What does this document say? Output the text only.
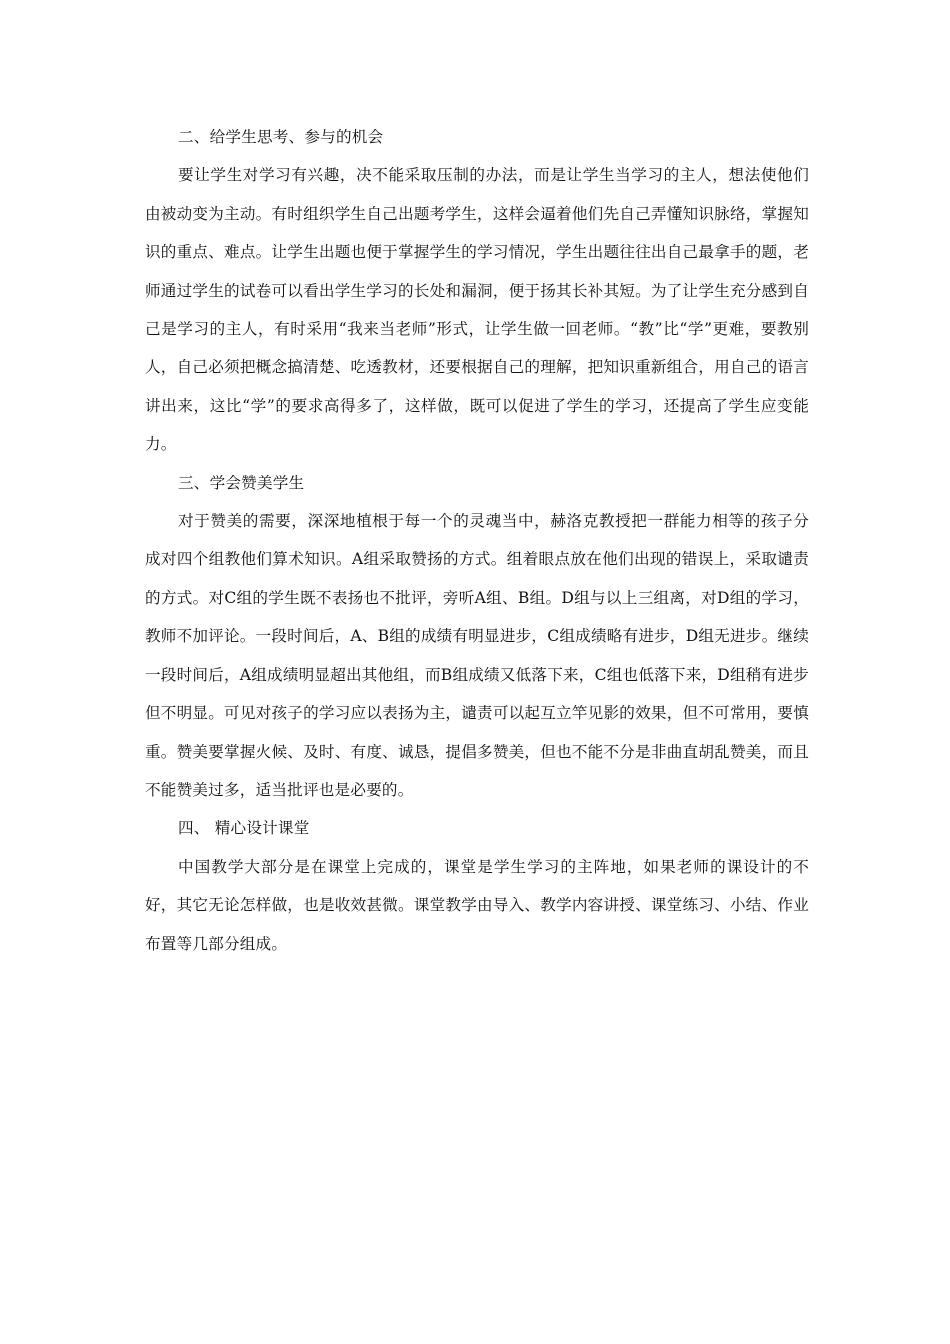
二、给学生思考、参与的机会

要让学生对学习有兴趣，决不能采取压制的办法，而是让学生当学习的主人，想法使他们由被动变为主动。有时组织学生自己出题考学生，这样会逼着他们先自己弄懂知识脉络，掌握知识的重点、难点。让学生出题也便于掌握学生的学习情况，学生出题往往出自己最拿手的题，老师通过学生的试卷可以看出学生学习的长处和漏洞，便于扬其长补其短。为了让学生充分感到自己是学习的主人，有时采用“我来当老师”形式，让学生做一回老师。“教”比“学”更难，要教别人，自己必须把概念搞清楚、吃透教材，还要根据自己的理解，把知识重新组合，用自己的语言讲出来，这比“学”的要求高得多了，这样做，既可以促进了学生的学习，还提高了学生应变能力。

三、学会赞美学生

对于赞美的需要，深深地植根于每一个的灵魂当中，赫洛克教授把一群能力相等的孩子分成对四个组教他们算术知识。A组采取赞扬的方式。组着眼点放在他们出现的错误上，采取谴责的方式。对C组的学生既不表扬也不批评，旁听A组、B组。D组与以上三组离，对D组的学习，教师不加评论。一段时间后，A、B组的成绩有明显进步，C组成绩略有进步，D组无进步。继续一段时间后，A组成绩明显超出其他组，而B组成绩又低落下来，C组也低落下来，D组稍有进步但不明显。可见对孩子的学习应以表扬为主，谴责可以起互立竿见影的效果，但不可常用，要慎重。赞美要掌握火候、及时、有度、诚恳，提倡多赞美，但也不能不分是非曲直胡乱赞美，而且不能赞美过多，适当批评也是必要的。

四、 精心设计课堂

中国教学大部分是在课堂上完成的，课堂是学生学习的主阵地，如果老师的课设计的不好，其它无论怎样做，也是收效甚微。课堂教学由导入、教学内容讲授、课堂练习、小结、作业布置等几部分组成。
